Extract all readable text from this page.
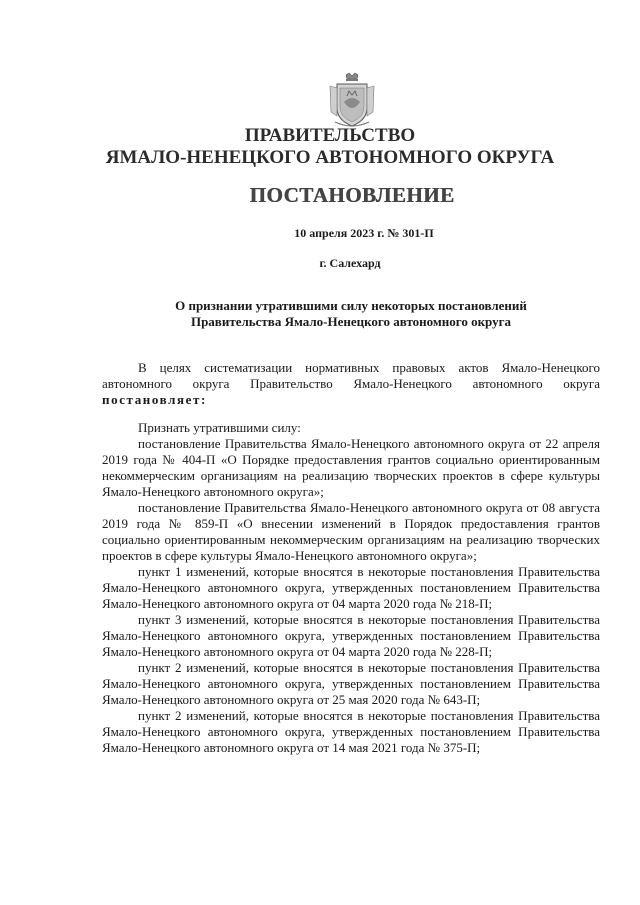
ПРАВИТЕЛЬСТВО
ЯМАЛО-НЕНЕЦКОГО АВТОНОМНОГО ОКРУГА
ПОСТАНОВЛЕНИЕ
10 апреля 2023 г. № 301-П
г. Салехард
О признании утратившими силу некоторых постановлений
Правительства Ямало-Ненецкого автономного округа

В целях систематизации нормативных правовых актов Ямало-Ненецкого автономного округа Правительство Ямало-Ненецкого автономного округа постановляет:

Признать утратившими силу:

постановление Правительства Ямало-Ненецкого автономного округа от 22 апреля 2019 года № 404-П «О Порядке предоставления грантов социально ориентированным некоммерческим организациям на реализацию творческих проектов в сфере культуры Ямало-Ненецкого автономного округа»;

постановление Правительства Ямало-Ненецкого автономного округа от 08 августа 2019 года № 859-П «О внесении изменений в Порядок предоставления грантов социально ориентированным некоммерческим организациям на реализацию творческих проектов в сфере культуры Ямало-Ненецкого автономного округа»;

пункт 1 изменений, которые вносятся в некоторые постановления Правительства Ямало-Ненецкого автономного округа, утвержденных постановлением Правительства Ямало-Ненецкого автономного округа от 04 марта 2020 года № 218-П;

пункт 3 изменений, которые вносятся в некоторые постановления Правительства Ямало-Ненецкого автономного округа, утвержденных постановлением Правительства Ямало-Ненецкого автономного округа от 04 марта 2020 года № 228-П;

пункт 2 изменений, которые вносятся в некоторые постановления Правительства Ямало-Ненецкого автономного округа, утвержденных постановлением Правительства Ямало-Ненецкого автономного округа от 25 мая 2020 года № 643-П;

пункт 2 изменений, которые вносятся в некоторые постановления Правительства Ямало-Ненецкого автономного округа, утвержденных постановлением Правительства Ямало-Ненецкого автономного округа от 14 мая 2021 года № 375-П;
